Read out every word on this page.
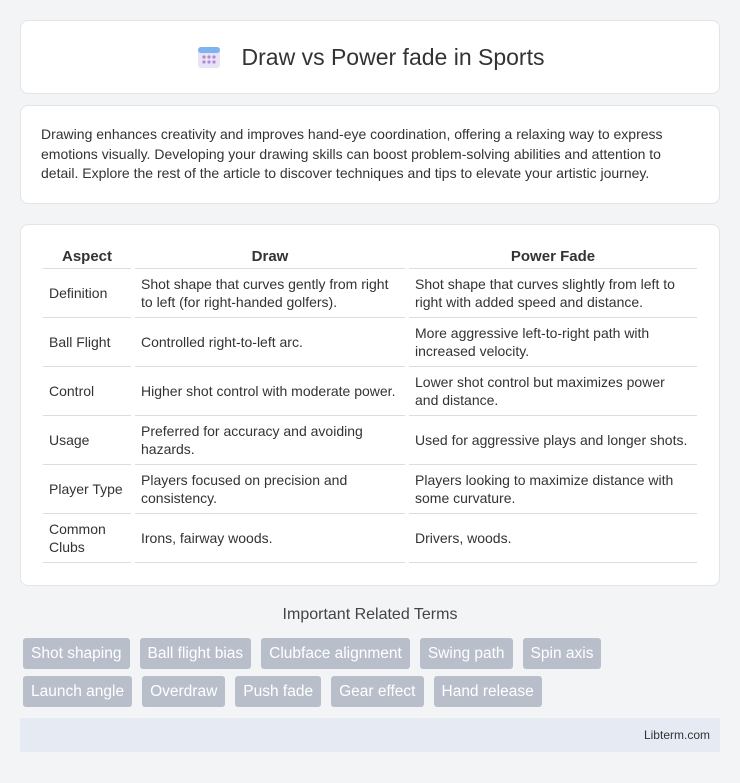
Draw vs Power fade in Sports

Drawing enhances creativity and improves hand-eye coordination, offering a relaxing way to express emotions visually. Developing your drawing skills can boost problem-solving abilities and attention to detail. Explore the rest of the article to discover techniques and tips to elevate your artistic journey.

Aspect	Draw	Power Fade
Definition	Shot shape that curves gently from right to left (for right-handed golfers).	Shot shape that curves slightly from left to right with added speed and distance.
Ball Flight	Controlled right-to-left arc.	More aggressive left-to-right path with increased velocity.
Control	Higher shot control with moderate power.	Lower shot control but maximizes power and distance.
Usage	Preferred for accuracy and avoiding hazards.	Used for aggressive plays and longer shots.
Player Type	Players focused on precision and consistency.	Players looking to maximize distance with some curvature.
Common Clubs	Irons, fairway woods.	Drivers, woods.
Important Related Terms
Shot shaping	Ball flight bias	Clubface alignment	Swing path	Spin axis
Launch angle	Overdraw	Push fade	Gear effect	Hand release
Libterm.com
